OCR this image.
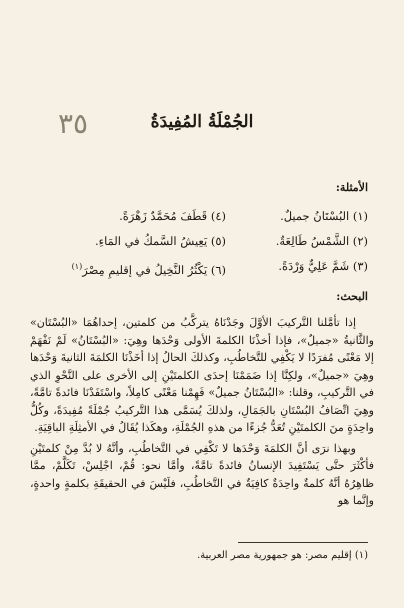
٣٥	الجُمْلَةُ المُفِيدَةُ
الأمثلة:
(١) البُسْتَانُ جميلٌ.
(٤) قَطَفَ مُحَمَّدٌ زَهْرَةً.
(٢) الشَّمْسُ طَالِعَةٌ.
(٥) يَعِيشُ السَّمكُ في المَاءِ.
(٣) شَمَّ عَلِيٌّ وَرْدَةً.
(٦) يَكْثُرُ النَّخِيلُ في إقليمِ مِصْرَ$^{(١)}$
البحث:

إذا تأمَّلنا التَّركيبَ الأوَّلَ وجَدْنَاهُ يتركَّبُ من كلمتين، إحداهُمَا «البُسْتَان» والثَّانيةُ «جميلٌ»، فإذا أخذْنَا الكلمةَ الأولى وَحْدَها وهِيَ: «البُسْتَانُ» لَمْ نَفْهَمْ إلا مَعْنًى مُفرَدًا لا يَكْفِي للتَّخاطُبِ، وكذلكَ الحالُ إذا أخَذْنَا الكلمَةَ الثانيةَ وَحْدَها وهِيَ «جميلٌ»، ولكِنَّا إذا ضَمَمْنَا إحدَى الكلمتَيْنِ إلى الأخرى على النَّحْوِ الذي في التَّركيبِ، وقلنا: «البُسْتَانُ جميلٌ» فَهِمْنا مَعْنًى كامِلاً، واسْتَفَدْنَا فائدةً تامَّةً، وهِيَ اتِّصَافُ البُسْتَانِ بالجَمَالِ، ولذلكَ يُسَمَّى هذا التَّركيبُ جُمْلَةً مُفِيدَةً، وكُلُّ واحِدَةٍ منَ الكلمتَيْنِ تُعَدُّ جُزءًا من هذهِ الجُمْلَةِ، وهكَذا يُقَالُ في الأمثِلَةِ الباقِيَةِ.

وبهذا نرَى أنَّ الكلمَةَ وَحْدَها لا تَكْفِي في التَّخاطُبِ، وأنَّهُ لا بُدَّ مِنْ كلمتَيْنِ فأكْثَرَ حتَّى يَسْتَفِيدَ الإنسانُ فائدةً تامَّةً، وأمَّا نحو: قُمْ، اجْلِسْ، تَكَلَّمْ، ممَّا ظاهِرُهُ أنَّهُ كلمةٌ واحِدَةٌ كافِيَةٌ في التَّخاطُبِ، فلَيْسَ في الحقيقَةِ بكلمةٍ واحدةٍ، وإنَّما هو

(١) إقليم مصر: هو جمهورية مصر العربية.
